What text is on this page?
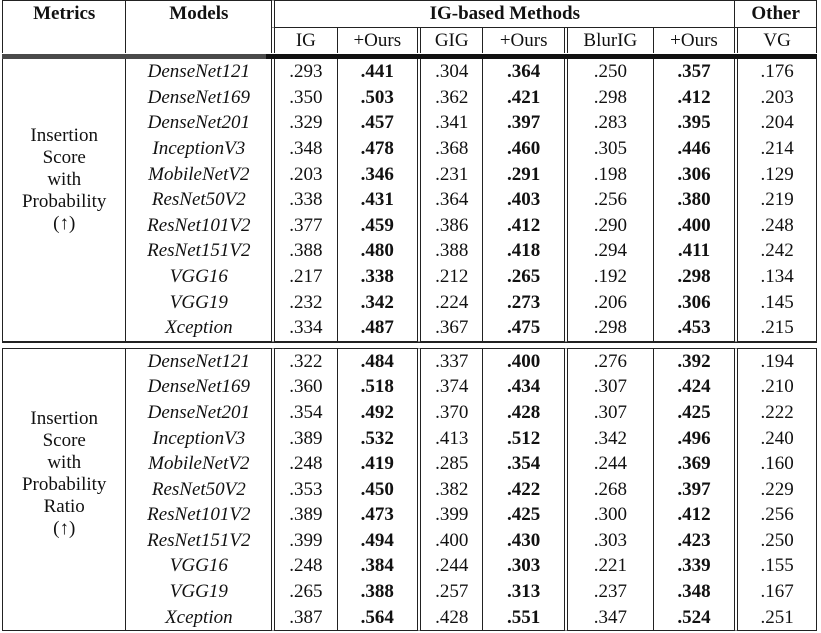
Metrics	Models	IG-based Methods						Other
		IG	+Ours	GIG	+Ours	BlurIG	+Ours	VG

Insertion
Score
with
Probability
(↑)	DenseNet121	.293	.441	.304	.364	.250	.357	.176
	DenseNet169	.350	.503	.362	.421	.298	.412	.203
	DenseNet201	.329	.457	.341	.397	.283	.395	.204
	InceptionV3	.348	.478	.368	.460	.305	.446	.214
	MobileNetV2	.203	.346	.231	.291	.198	.306	.129
	ResNet50V2	.338	.431	.364	.403	.256	.380	.219
	ResNet101V2	.377	.459	.386	.412	.290	.400	.248
	ResNet151V2	.388	.480	.388	.418	.294	.411	.242
	VGG16	.217	.338	.212	.265	.192	.298	.134
	VGG19	.232	.342	.224	.273	.206	.306	.145
	Xception	.334	.487	.367	.475	.298	.453	.215

Insertion
Score
with
Probability
Ratio
(↑)
	DenseNet121	.322	.484	.337	.400	.276	.392	.194
	DenseNet169	.360	.518	.374	.434	.307	.424	.210
	DenseNet201	.354	.492	.370	.428	.307	.425	.222
	InceptionV3	.389	.532	.413	.512	.342	.496	.240
	MobileNetV2	.248	.419	.285	.354	.244	.369	.160
	ResNet50V2	.353	.450	.382	.422	.268	.397	.229
	ResNet101V2	.389	.473	.399	.425	.300	.412	.256
	ResNet151V2	.399	.494	.400	.430	.303	.423	.250
	VGG16	.248	.384	.244	.303	.221	.339	.155
	VGG19	.265	.388	.257	.313	.237	.348	.167
	Xception	.387	.564	.428	.551	.347	.524	.251
